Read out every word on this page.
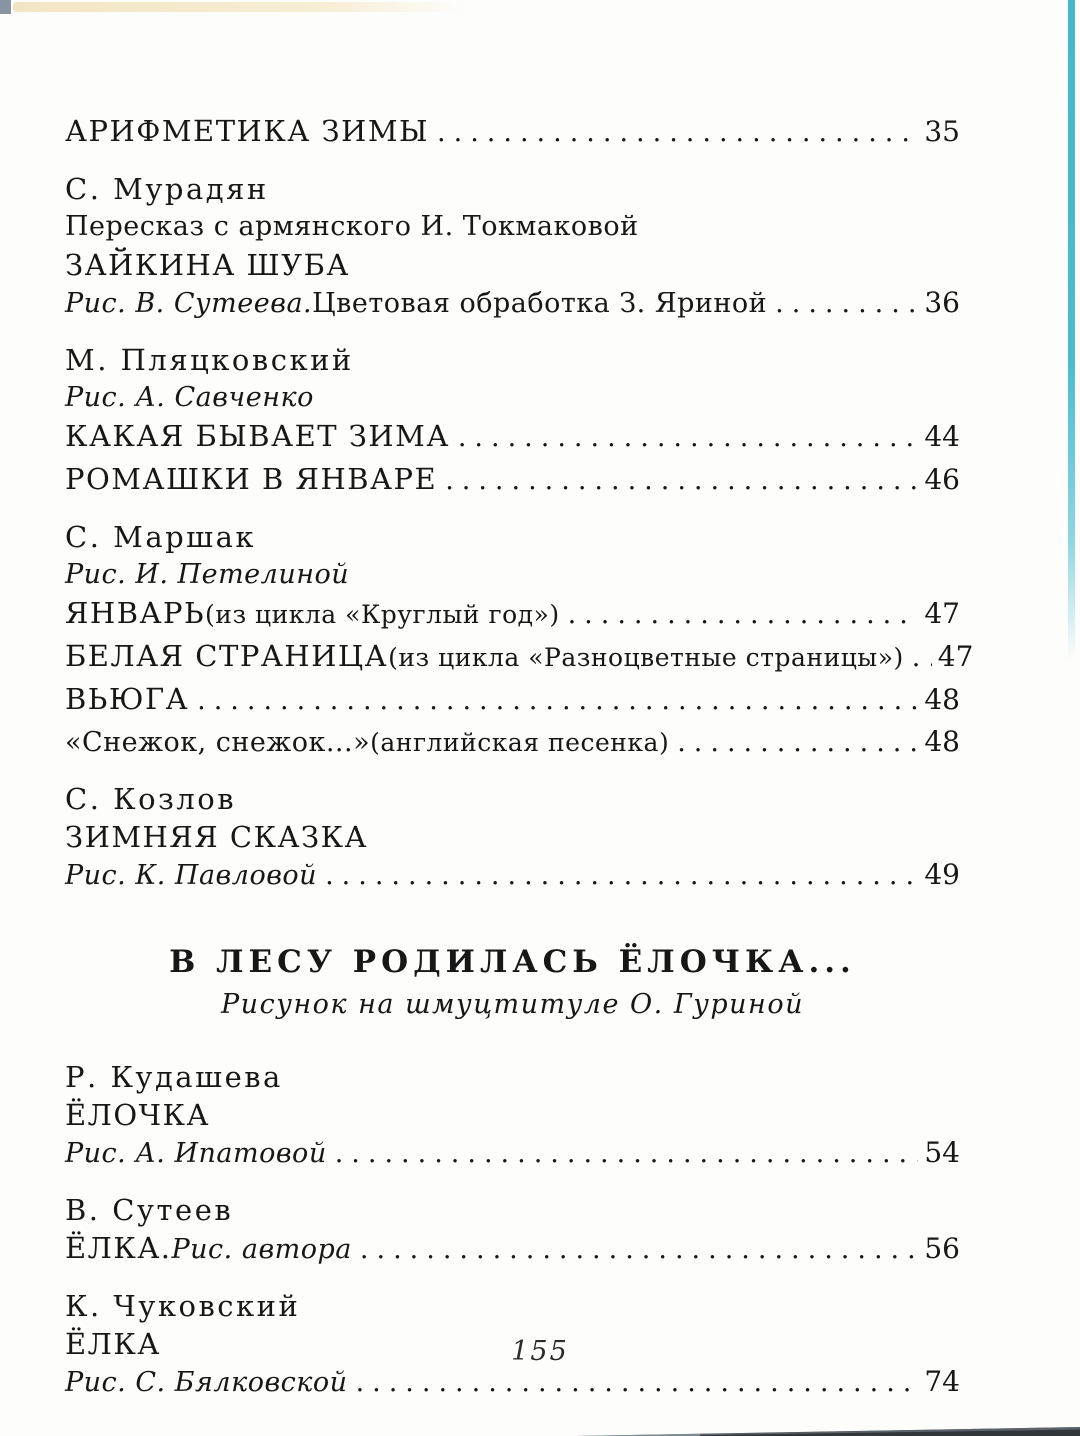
АРИФМЕТИКА ЗИМЫ .....	35
С. Мурадян
Пересказ с армянского И. Токмаковой
ЗАЙКИНА ШУБА
Рис. В. Сутеева. Цветовая обработка З. Яриной .....	36
М. Пляцковский
Рис. А. Савченко
КАКАЯ БЫВАЕТ ЗИМА .....	44
РОМАШКИ В ЯНВАРЕ .....	46
С. Маршак
Рис. И. Петелиной
ЯНВАРЬ (из цикла «Круглый год») .....	47
БЕЛАЯ СТРАНИЦА (из цикла «Разноцветные страницы») ..... 47
ВЬЮГА .....	48
«Снежок, снежок...» (английская песенка) .....	48
С. Козлов
ЗИМНЯЯ СКАЗКА
Рис. К. Павловой .....	49
В ЛЕСУ РОДИЛАСЬ ЁЛОЧКА...
Рисунок на шмуцтитуле О. Гуриной
Р. Кудашева
ЁЛОЧКА
Рис. А. Ипатовой .....	54
В. Сутеев
ЁЛКА. Рис. автора .....	56
К. Чуковский
ЁЛКА
Рис. С. Бялковской .....	74
155
